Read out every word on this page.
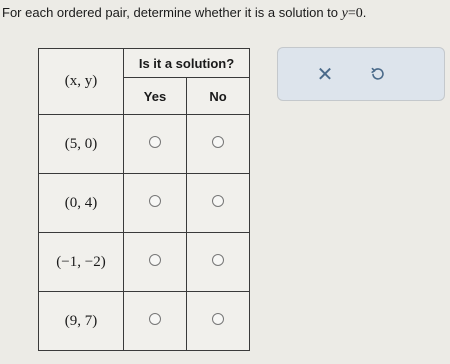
For each ordered pair, determine whether it is a solution to y=0.
(x, y)	Is it a solution?	
	Yes	No
(5, 0)		
(0, 4)		
(−1, −2)		
(9, 7)		
✕
